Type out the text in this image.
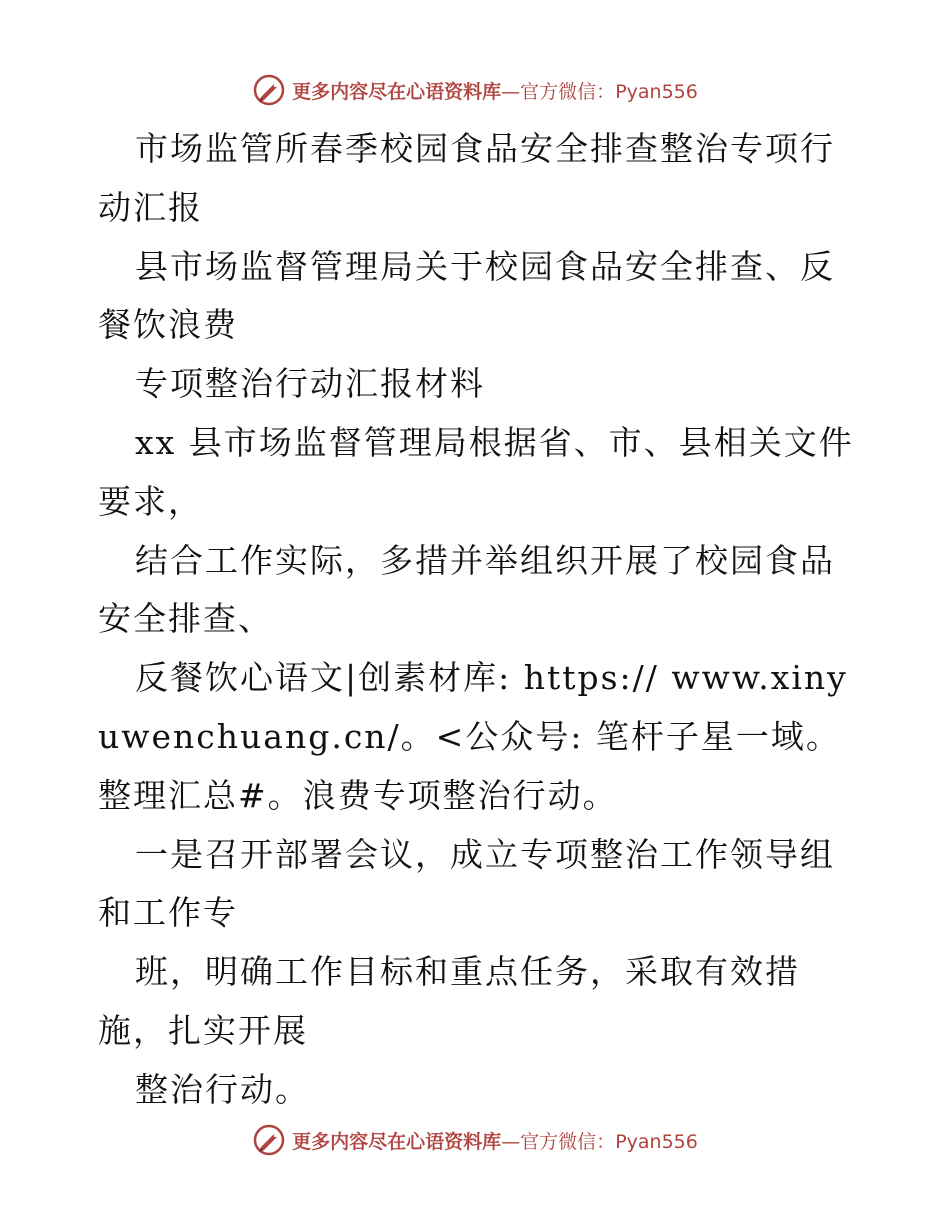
更多内容尽在心语资料库—官方微信：Pyan556

市场监管所春季校园食品安全排查整治专项行动汇报

县市场监督管理局关于校园食品安全排查、反餐饮浪费

专项整治行动汇报材料

xx 县市场监督管理局根据省、市、县相关文件要求，

结合工作实际，多措并举组织开展了校园食品安全排查、

反餐饮心语文|创素材库: https:// www.xinyuwenchuang.cn/。<公众号: 笔杆子星一域。整理汇总#。浪费专项整治行动。

一是召开部署会议，成立专项整治工作领导组和工作专

班，明确工作目标和重点任务，采取有效措施，扎实开展

整治行动。

更多内容尽在心语资料库—官方微信：Pyan556
